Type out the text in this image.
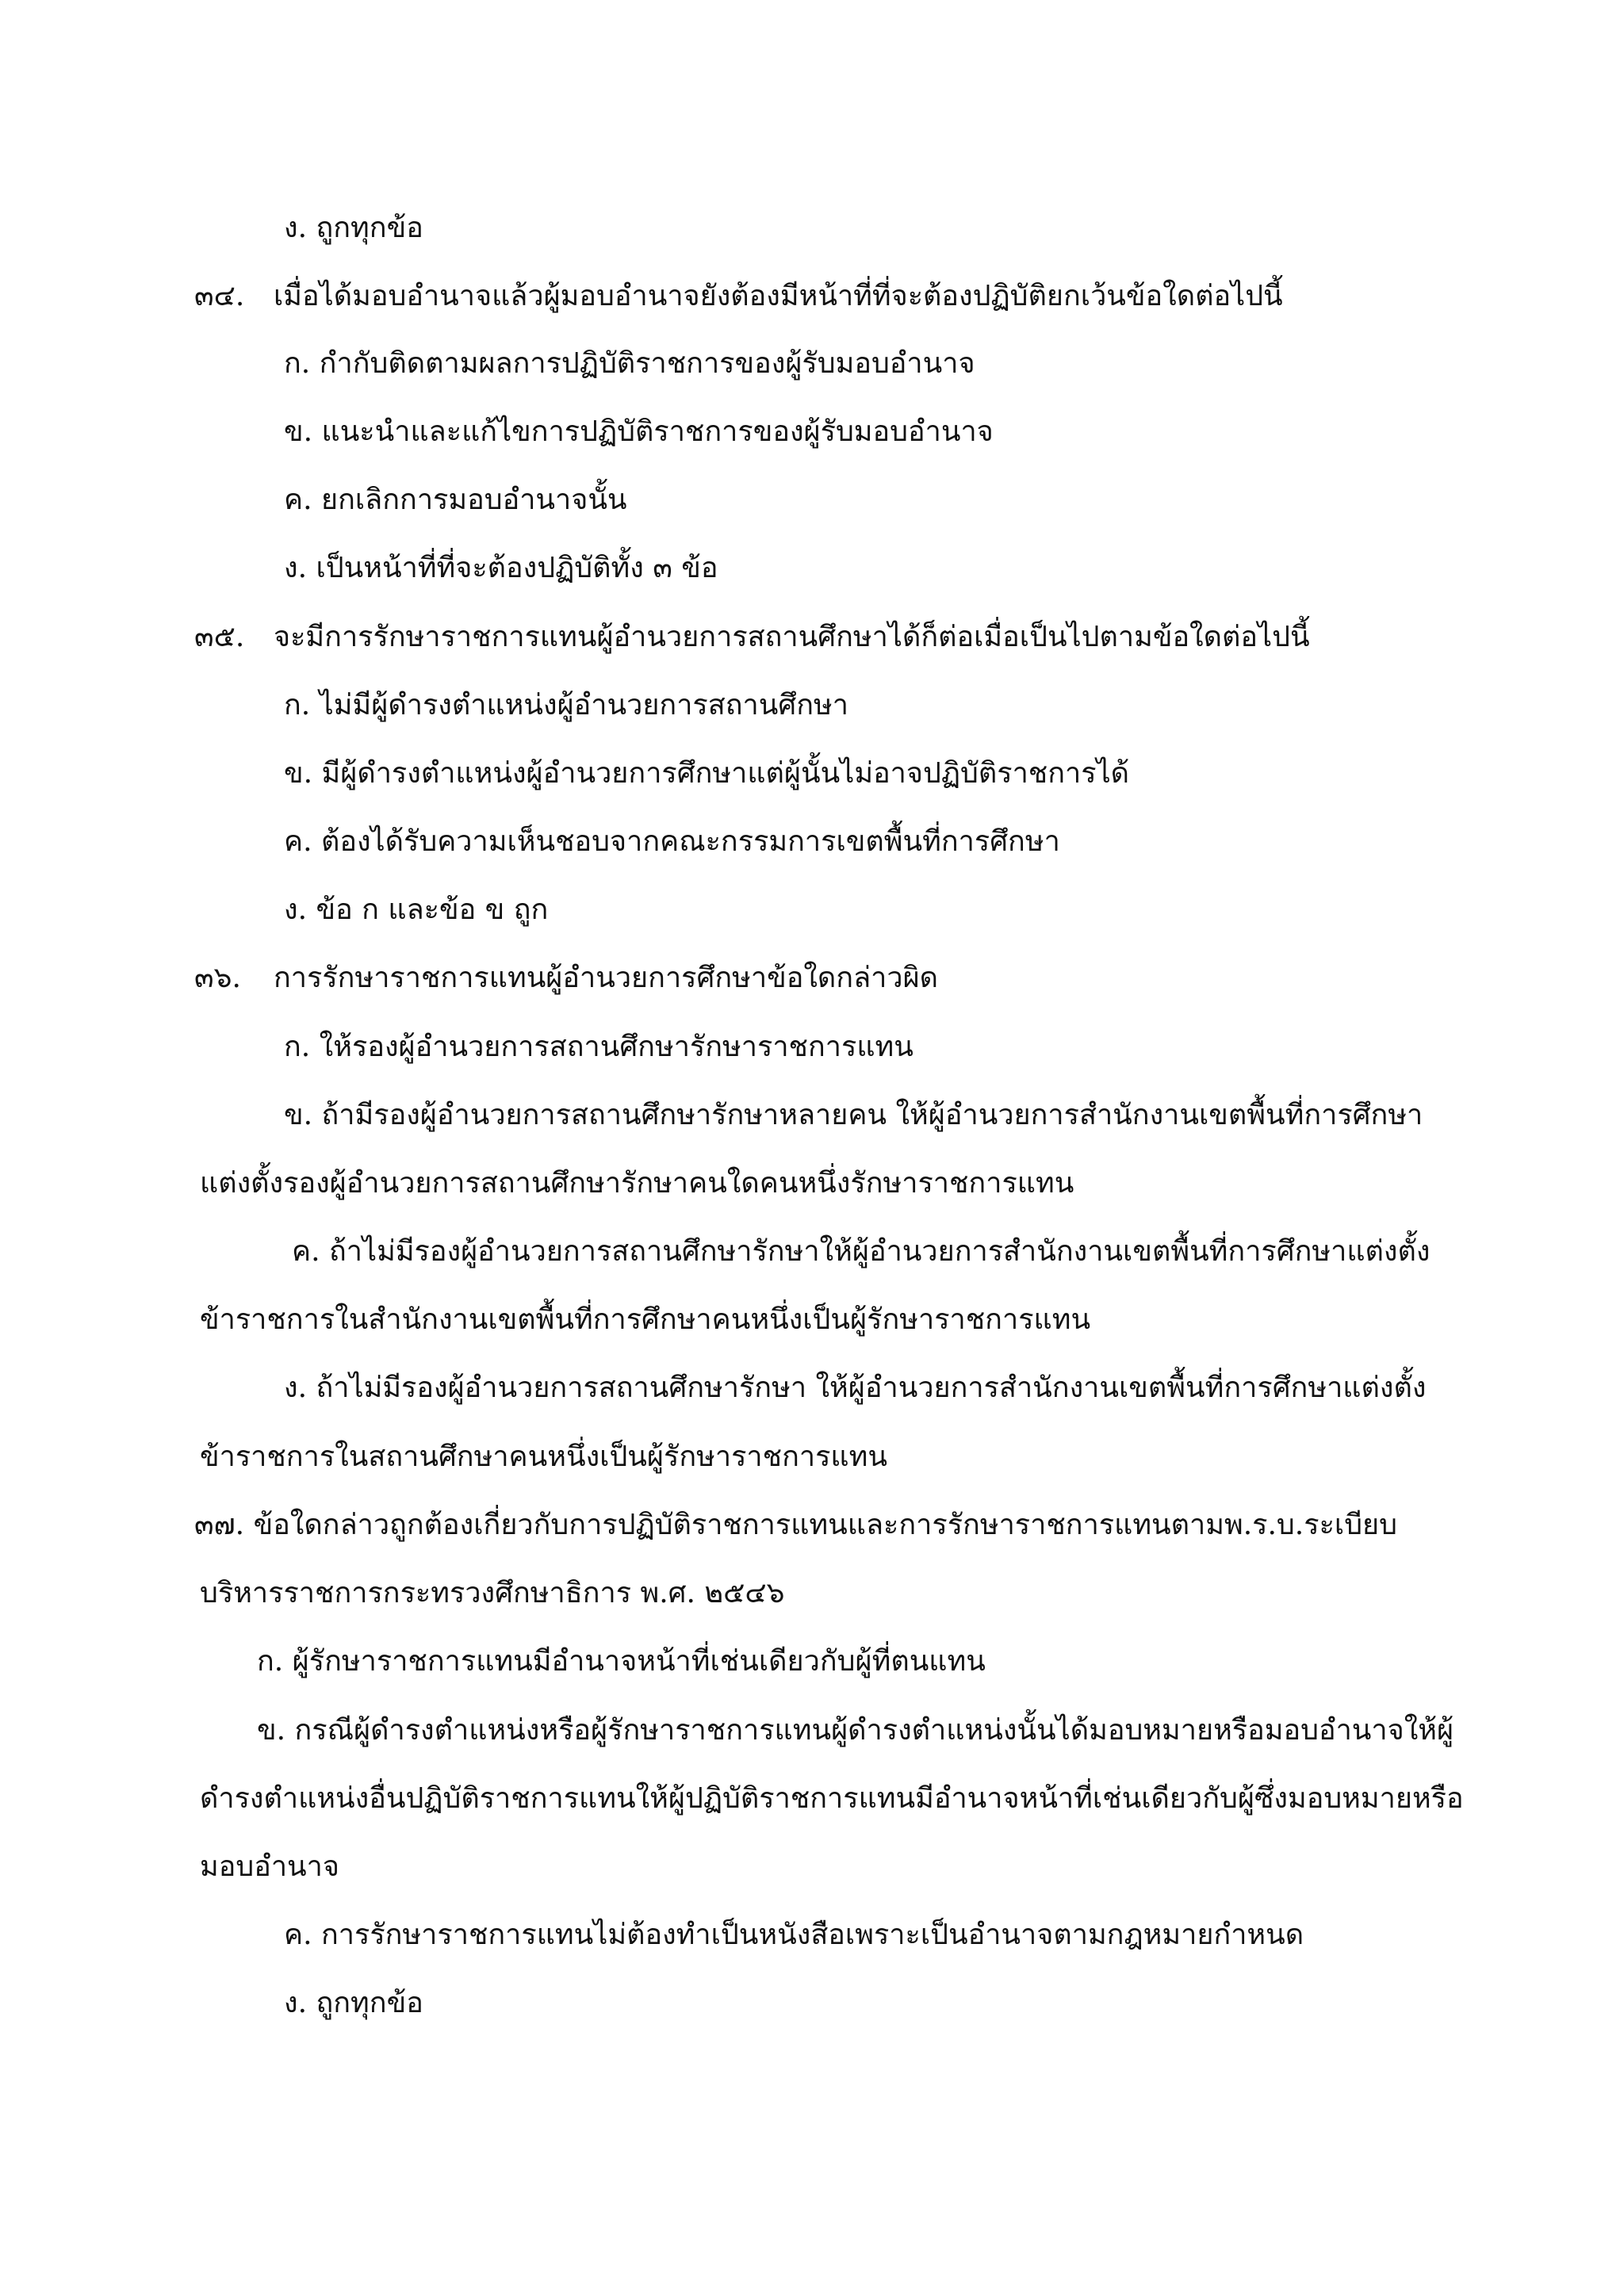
ง. ถูกทุกข้อ
๓๔. เมื่อได้มอบอำนาจแล้วผู้มอบอำนาจยังต้องมีหน้าที่ที่จะต้องปฏิบัติยกเว้นข้อใดต่อไปนี้
ก. กำกับติดตามผลการปฏิบัติราชการของผู้รับมอบอำนาจ
ข. แนะนำและแก้ไขการปฏิบัติราชการของผู้รับมอบอำนาจ
ค. ยกเลิกการมอบอำนาจนั้น
ง. เป็นหน้าที่ที่จะต้องปฏิบัติทั้ง ๓ ข้อ
๓๕. จะมีการรักษาราชการแทนผู้อำนวยการสถานศึกษาได้ก็ต่อเมื่อเป็นไปตามข้อใดต่อไปนี้
ก. ไม่มีผู้ดำรงตำแหน่งผู้อำนวยการสถานศึกษา
ข. มีผู้ดำรงตำแหน่งผู้อำนวยการศึกษาแต่ผู้นั้นไม่อาจปฏิบัติราชการได้
ค. ต้องได้รับความเห็นชอบจากคณะกรรมการเขตพื้นที่การศึกษา
ง. ข้อ ก และข้อ ข ถูก
๓๖. การรักษาราชการแทนผู้อำนวยการศึกษาข้อใดกล่าวผิด
ก. ให้รองผู้อำนวยการสถานศึกษารักษาราชการแทน
ข. ถ้ามีรองผู้อำนวยการสถานศึกษารักษาหลายคน ให้ผู้อำนวยการสำนักงานเขตพื้นที่การศึกษา
แต่งตั้งรองผู้อำนวยการสถานศึกษารักษาคนใดคนหนึ่งรักษาราชการแทน
ค. ถ้าไม่มีรองผู้อำนวยการสถานศึกษารักษาให้ผู้อำนวยการสำนักงานเขตพื้นที่การศึกษาแต่งตั้ง
ข้าราชการในสำนักงานเขตพื้นที่การศึกษาคนหนึ่งเป็นผู้รักษาราชการแทน
ง. ถ้าไม่มีรองผู้อำนวยการสถานศึกษารักษา ให้ผู้อำนวยการสำนักงานเขตพื้นที่การศึกษาแต่งตั้ง
ข้าราชการในสถานศึกษาคนหนึ่งเป็นผู้รักษาราชการแทน
๓๗. ข้อใดกล่าวถูกต้องเกี่ยวกับการปฏิบัติราชการแทนและการรักษาราชการแทนตามพ.ร.บ.ระเบียบ
บริหารราชการกระทรวงศึกษาธิการ พ.ศ. ๒๕๔๖
ก. ผู้รักษาราชการแทนมีอำนาจหน้าที่เช่นเดียวกับผู้ที่ตนแทน
ข. กรณีผู้ดำรงตำแหน่งหรือผู้รักษาราชการแทนผู้ดำรงตำแหน่งนั้นได้มอบหมายหรือมอบอำนาจให้ผู้
ดำรงตำแหน่งอื่นปฏิบัติราชการแทนให้ผู้ปฏิบัติราชการแทนมีอำนาจหน้าที่เช่นเดียวกับผู้ซึ่งมอบหมายหรือ
มอบอำนาจ
ค. การรักษาราชการแทนไม่ต้องทำเป็นหนังสือเพราะเป็นอำนาจตามกฎหมายกำหนด
ง. ถูกทุกข้อ
